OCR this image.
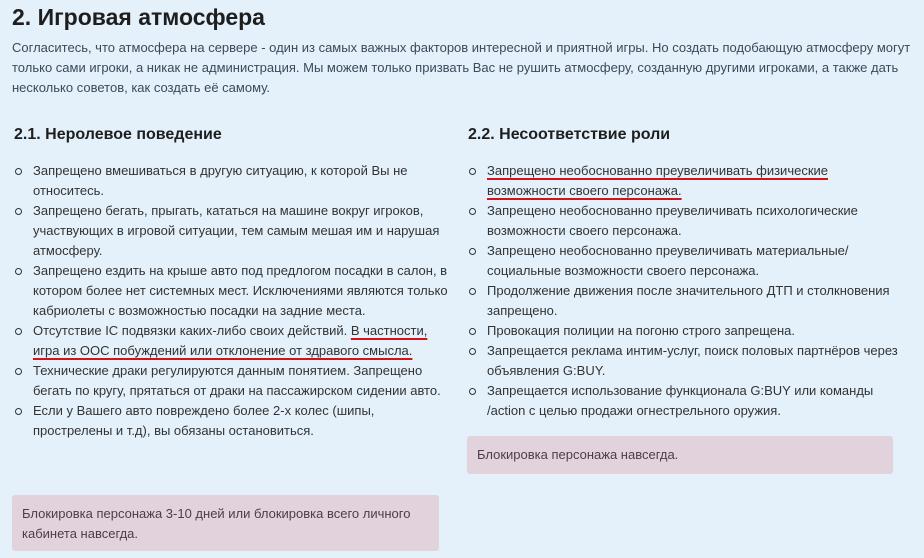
2. Игровая атмосфера

Согласитесь, что атмосфера на сервере - один из самых важных факторов интересной и приятной игры. Но создать подобающую атмосферу могут только сами игроки, а никак не администрация. Мы можем только призвать Вас не рушить атмосферу, созданную другими игроками, а также дать несколько советов, как создать её самому.

2.1. Неролевое поведение
Запрещено вмешиваться в другую ситуацию, к которой Вы не относитесь.
Запрещено бегать, прыгать, кататься на машине вокруг игроков, участвующих в игровой ситуации, тем самым мешая им и нарушая атмосферу.
Запрещено ездить на крыше авто под предлогом посадки в салон, в котором более нет системных мест. Исключениями являются только кабриолеты с возможностью посадки на задние места.
Отсутствие IC подвязки каких-либо своих действий. В частности, игра из OOC побуждений или отклонение от здравого смысла.
Технические драки регулируются данным понятием. Запрещено бегать по кругу, прятаться от драки на пассажирском сидении авто.
Если у Вашего авто повреждено более 2-х колес (шипы, прострелены и т.д), вы обязаны остановиться.
Блокировка персонажа 3-10 дней или блокировка всего личного кабинета навсегда.
2.2. Несоответствие роли
Запрещено необоснованно преувеличивать физические возможности своего персонажа.
Запрещено необоснованно преувеличивать психологические возможности своего персонажа.
Запрещено необоснованно преувеличивать материальные/социальные возможности своего персонажа.
Продолжение движения после значительного ДТП и столкновения запрещено.
Провокация полиции на погоню строго запрещена.
Запрещается реклама интим-услуг, поиск половых партнёров через объявления G:BUY.
Запрещается использование функционала G:BUY или команды /action с целью продажи огнестрельного оружия.
Блокировка персонажа навсегда.
